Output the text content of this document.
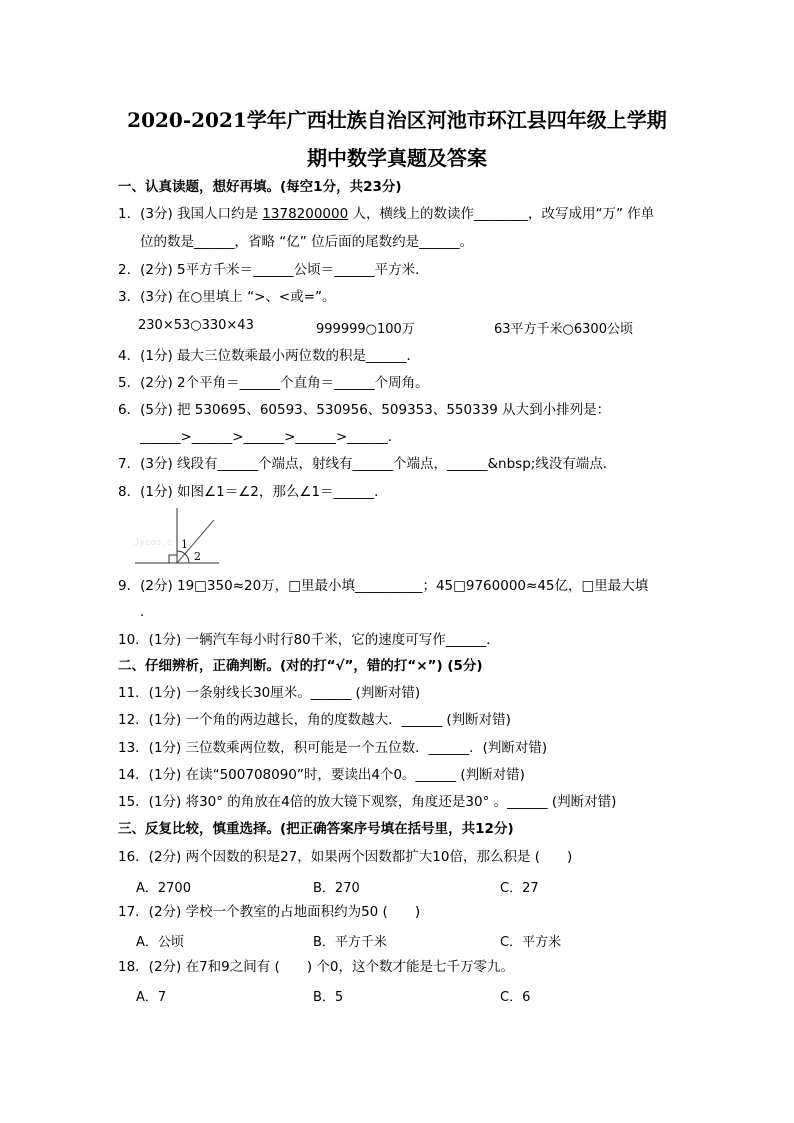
2020-2021学年广西壮族自治区河池市环江县四年级上学期
期中数学真题及答案
一、认真读题，想好再填。(每空1分，共23分)
1．(3分) 我国人口约是 1378200000 人，横线上的数读作________，改写成用“万” 作单
位的数是______，省略 “亿” 位后面的尾数约是______。
2．(2分) 5平方千米＝______公顷＝______平方米．
3．(3分) 在○里填上 “>、<或=”。
230×53○330×43	999999○100万	63平方千米○6300公顷
4．(1分) 最大三位数乘最小两位数的积是______．
5．(2分) 2个平角＝______个直角＝______个周角。
6．(5分) 把 530695、60593、530956、509353、550339 从大到小排列是：
______>______>______>______>______．
7．(3分) 线段有______个端点，射线有______个端点，______&nbsp;线没有端点．
8．(1分) 如图∠1＝∠2，那么∠1＝______．
Jyeoo.c 1
2
9．(2分) 19□350≈20万，□里最小填__________；45□9760000≈45亿，□里最大填
．
10．(1分) 一辆汽车每小时行80千米，它的速度可写作______．
二、仔细辨析，正确判断。(对的打“√”，错的打“×”) (5分)
11．(1分) 一条射线长30厘米。______ (判断对错)
12．(1分) 一个角的两边越长，角的度数越大．______ (判断对错)
13．(1分) 三位数乘两位数，积可能是一个五位数．______．(判断对错)
14．(1分) 在读“500708090”时，要读出4个0。______ (判断对错)
15．(1分) 将30° 的角放在4倍的放大镜下观察，角度还是30° 。______ (判断对错)
三、反复比较，慎重选择。(把正确答案序号填在括号里，共12分)
16．(2分) 两个因数的积是27，如果两个因数都扩大10倍，那么积是 (　　)
A．2700	B．270	C．27
17．(2分) 学校一个教室的占地面积约为50 (　　)
A．公顷	B．平方千米	C．平方米
18．(2分) 在7和9之间有 (　　) 个0，这个数才能是七千万零九。
A．7	B．5	C．6
